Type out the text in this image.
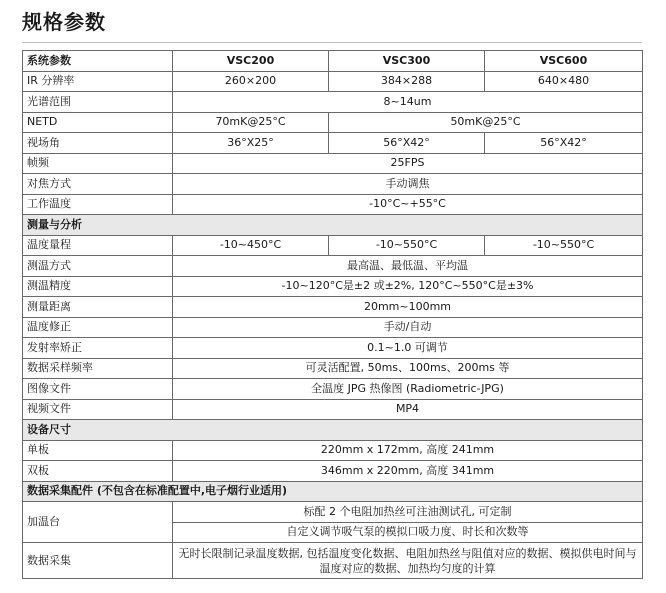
规格参数
系统参数	VSC200	VSC300	VSC600
IR 分辨率	260×200	384×288	640×480
光谱范围	8~14um		
NETD	70mK@25°C	50mK@25°C	
视场角	36°X25°	56°X42°	56°X42°
帧频	25FPS		
对焦方式	手动调焦		
工作温度	-10°C~+55°C		
测量与分析			
温度量程	-10~450°C	-10~550°C	-10~550°C
测温方式	最高温、最低温、平均温		
测温精度	-10~120°C是±2 或±2%, 120°C~550°C是±3%		
测量距离	20mm~100mm		
温度修正	手动/自动		
发射率矫正	0.1~1.0 可调节		
数据采样频率	可灵活配置, 50ms、100ms、200ms 等		
图像文件	全温度 JPG 热像图 (Radiometric-JPG)		
视频文件	MP4		
设备尺寸			
单板	220mm x 172mm, 高度 241mm		
双板	346mm x 220mm, 高度 341mm		
数据采集配件 (不包含在标准配置中,电子烟行业适用)			
加温台	标配 2 个电阻加热丝可注油测试孔, 可定制		
	自定义调节吸气泵的模拟口吸力度、时长和次数等		
数据采集	无时长限制记录温度数据, 包括温度变化数据、电阻加热丝与阻值对应的数据、模拟供电时间与温度对应的数据、加热均匀度的计算		
